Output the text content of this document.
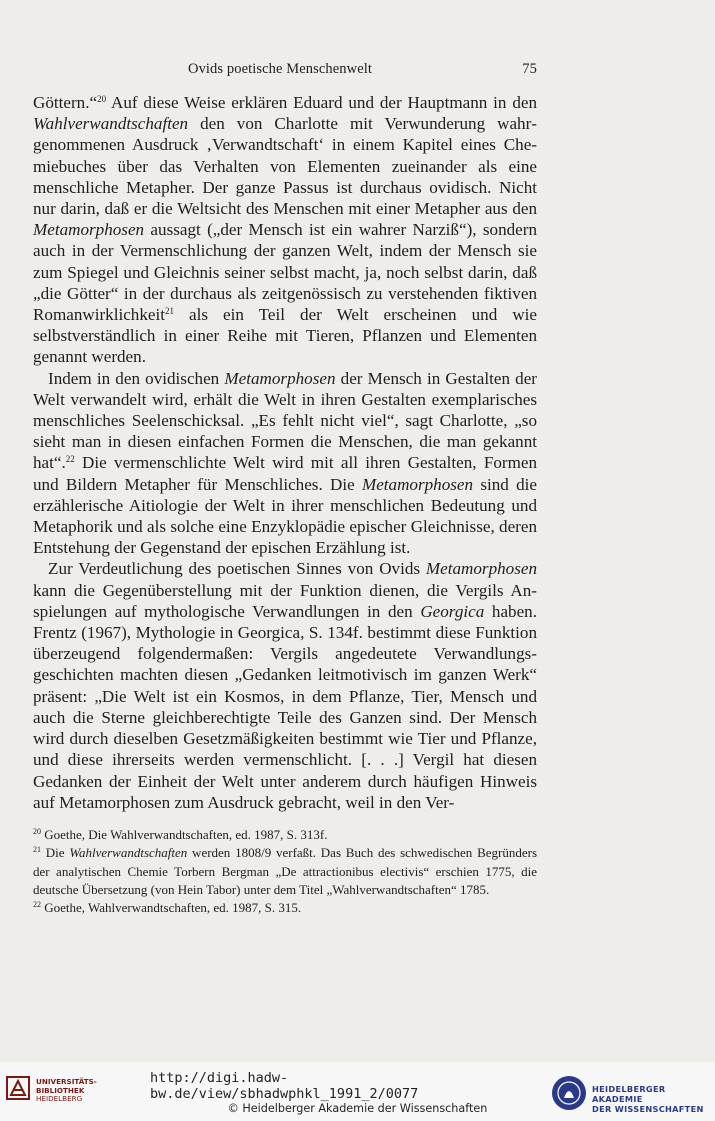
Ovids poetische Menschenwelt	75

Göttern.“$^{20}$ Auf diese Weise erklären Eduard und der Hauptmann in den Wahlverwandtschaften den von Charlotte mit Verwunderung wahrgenommenen Ausdruck ‚Verwandtschaft‘ in einem Kapitel eines Chemiebuches über das Verhalten von Elementen zueinander als eine menschliche Metapher. Der ganze Passus ist durchaus ovidisch. Nicht nur darin, daß er die Weltsicht des Menschen mit einer Metapher aus den Metamorphosen aussagt („der Mensch ist ein wahrer Narziß“), sondern auch in der Vermenschlichung der ganzen Welt, indem der Mensch sie zum Spiegel und Gleichnis seiner selbst macht, ja, noch selbst darin, daß „die Götter“ in der durchaus als zeitgenössisch zu verstehenden fiktiven Romanwirklichkeit$^{21}$ als ein Teil der Welt erscheinen und wie selbstverständlich in einer Reihe mit Tieren, Pflanzen und Elementen genannt werden.

Indem in den ovidischen Metamorphosen der Mensch in Gestalten der Welt verwandelt wird, erhält die Welt in ihren Gestalten exemplarisches menschliches Seelenschicksal. „Es fehlt nicht viel“, sagt Charlotte, „so sieht man in diesen einfachen Formen die Menschen, die man gekannt hat“.$^{22}$ Die vermenschlichte Welt wird mit all ihren Gestalten, Formen und Bildern Metapher für Menschliches. Die Metamorphosen sind die erzählerische Aitiologie der Welt in ihrer menschlichen Bedeutung und Metaphorik und als solche eine Enzyklopädie epischer Gleichnisse, deren Entstehung der Gegenstand der epischen Erzählung ist.

Zur Verdeutlichung des poetischen Sinnes von Ovids Metamorphosen kann die Gegenüberstellung mit der Funktion dienen, die Vergils Anspielungen auf mythologische Verwandlungen in den Georgica haben. Frentz (1967), Mythologie in Georgica, S. 134f. bestimmt diese Funktion überzeugend folgendermaßen: Vergils angedeutete Verwandlungsgeschichten machten diesen „Gedanken leitmotivisch im ganzen Werk“ präsent: „Die Welt ist ein Kosmos, in dem Pflanze, Tier, Mensch und auch die Sterne gleichberechtigte Teile des Ganzen sind. Der Mensch wird durch dieselben Gesetzmäßigkeiten bestimmt wie Tier und Pflanze, und diese ihrerseits werden vermenschlicht. [. . .] Vergil hat diesen Gedanken der Einheit der Welt unter anderem durch häufigen Hinweis auf Metamorphosen zum Ausdruck gebracht, weil in den Ver-

$^{20}$ Goethe, Die Wahlverwandtschaften, ed. 1987, S. 313f.

$^{21}$ Die Wahlverwandtschaften werden 1808/9 verfaßt. Das Buch des schwedischen Begründers der analytischen Chemie Torbern Bergman „De attractionibus electivis“ erschien 1775, die deutsche Übersetzung (von Hein Tabor) unter dem Titel „Wahlverwandtschaften“ 1785.

$^{22}$ Goethe, Wahlverwandtschaften, ed. 1987, S. 315.

UNIVERSITÄTS-
BIBLIOTHEK
HEIDELBERG
http://digi.hadw-bw.de/view/sbhadwphkl_1991_2/0077
© Heidelberger Akademie der Wissenschaften
HEIDELBERGER AKADEMIE
DER WISSENSCHAFTEN
